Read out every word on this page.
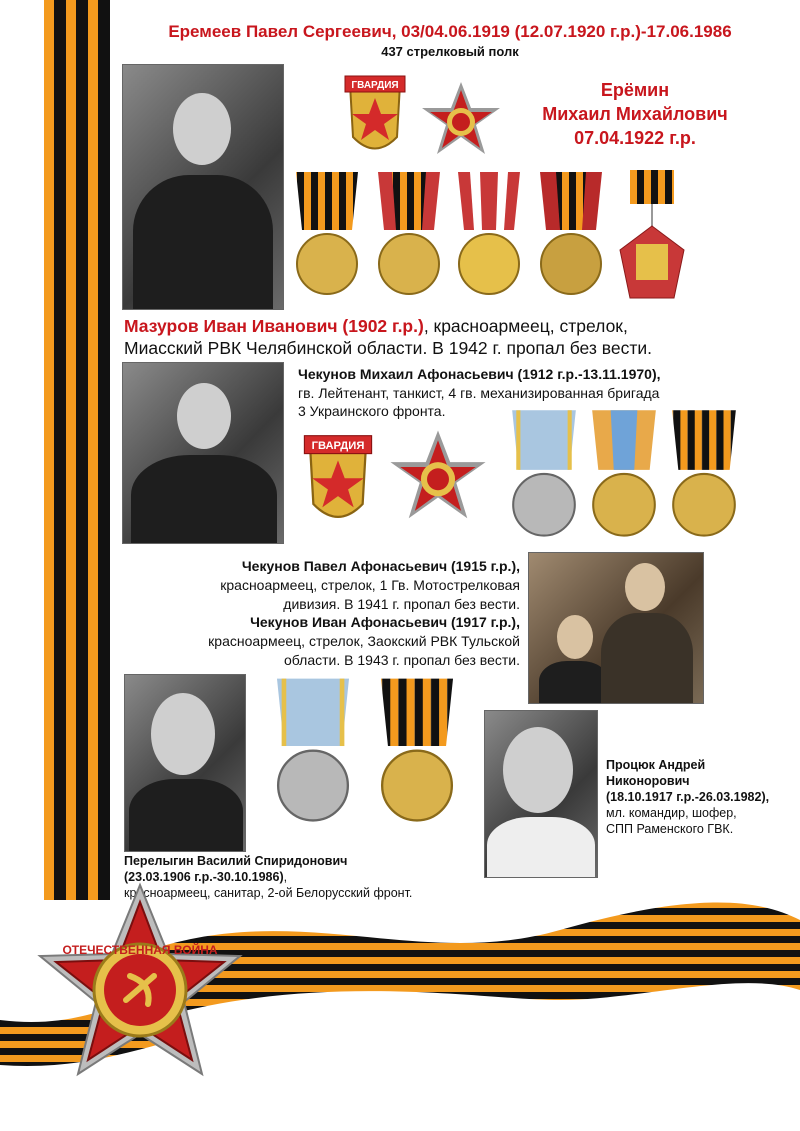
Еремеев Павел Сергеевич, 03/04.06.1919 (12.07.1920 г.р.)-17.06.1986
437 стрелковый полк
ГВАРДИЯ	Ерёмин
Михаил Михайлович
07.04.1922 г.р.
Мазуров Иван Иванович (1902 г.р.), красноармеец, стрелок,
Миасский РВК Челябинской области. В 1942 г. пропал без вести.
Чекунов Михаил Афонасьевич (1912 г.р.-13.11.1970),
гв. Лейтенант, танкист, 4 гв. механизированная бригада
3 Украинского фронта.
ГВАРДИЯ
Чекунов Павел Афонасьевич (1915 г.р.),
красноармеец, стрелок, 1 Гв. Мотострелковая
дивизия. В 1941 г. пропал без вести.
Чекунов Иван Афонасьевич (1917 г.р.),
красноармеец, стрелок, Заокский РВК Тульской
области. В 1943 г. пропал без вести.
Процюк Андрей
Никонорович
(18.10.1917 г.р.-26.03.1982),
мл. командир, шофер,
СПП Раменского ГВК.
Перелыгин Василий Спиридонович
(23.03.1906 г.р.-30.10.1986),
красноармеец, санитар, 2-ой Белорусский фронт.
ОТЕЧЕСТВЕННАЯ ВОЙНА
